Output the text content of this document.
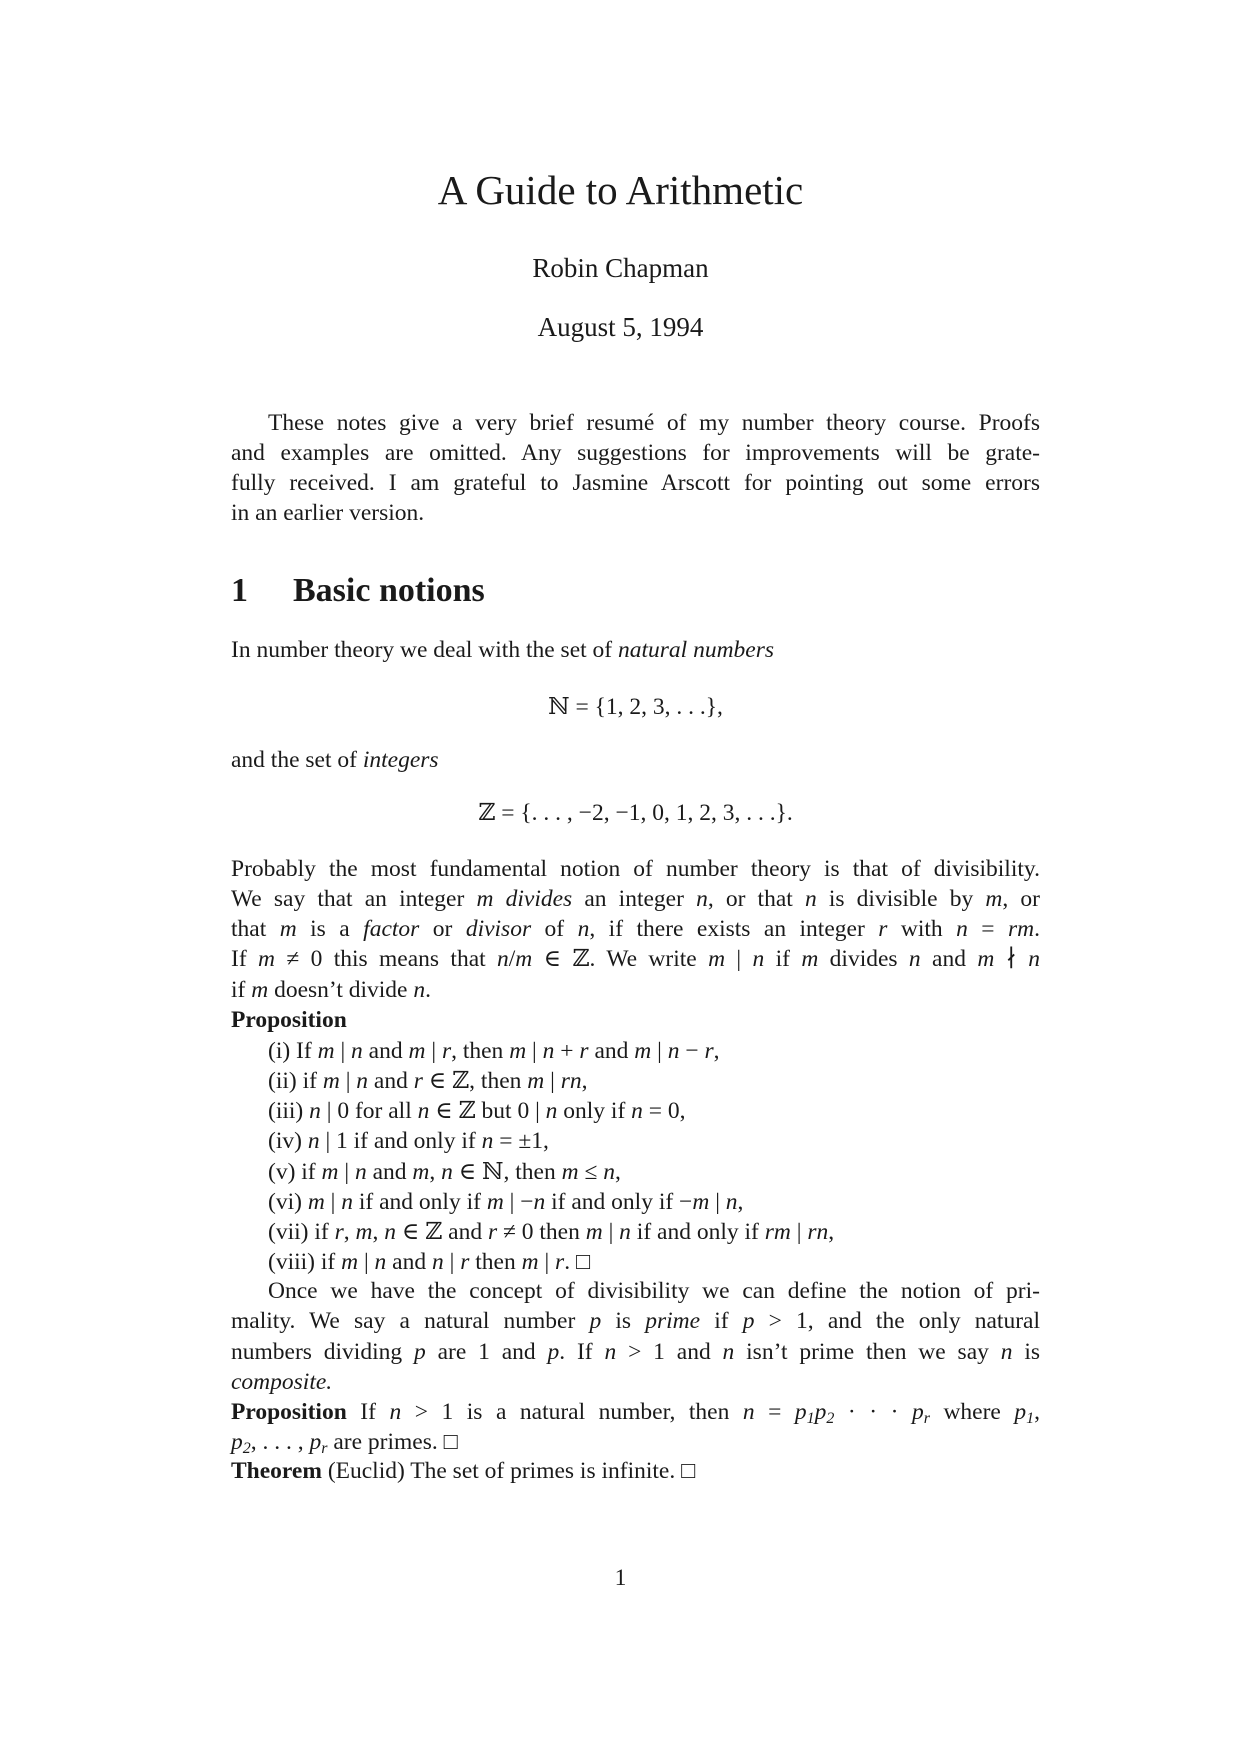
A Guide to Arithmetic
Robin Chapman
August 5, 1994
1 Basic notions
These notes give a very brief resumé of my number theory course. Proofs
and examples are omitted. Any suggestions for improvements will be grate-
fully received. I am grateful to Jasmine Arscott for pointing out some errors
in an earlier version.
In number theory we deal with the set of natural numbers
ℕ = {1, 2, 3, . . .},
and the set of integers
ℤ = {. . . , −2, −1, 0, 1, 2, 3, . . .}.
Probably the most fundamental notion of number theory is that of divisibility.
We say that an integer m divides an integer n, or that n is divisible by m, or
that m is a factor or divisor of n, if there exists an integer r with n = rm.
If m ≠ 0 this means that n/m ∈ ℤ. We write m | n if m divides n and m ∤ n
if m doesn’t divide n.
Proposition
(i) If m | n and m | r, then m | n + r and m | n − r,
(ii) if m | n and r ∈ ℤ, then m | rn,
(iii) n | 0 for all n ∈ ℤ but 0 | n only if n = 0,
(iv) n | 1 if and only if n = ±1,
(v) if m | n and m, n ∈ ℕ, then m ≤ n,
(vi) m | n if and only if m | −n if and only if −m | n,
(vii) if r, m, n ∈ ℤ and r ≠ 0 then m | n if and only if rm | rn,
(viii) if m | n and n | r then m | r. □
Once we have the concept of divisibility we can define the notion of pri-
mality. We say a natural number p is prime if p > 1, and the only natural
numbers dividing p are 1 and p. If n > 1 and n isn’t prime then we say n is
composite.
Proposition If n > 1 is a natural number, then $n = p_1p_2$ · · · $p_r$ where $p_1$,
$p_2$, . . . , $p_r$ are primes. □
Theorem (Euclid) The set of primes is infinite. □
1
